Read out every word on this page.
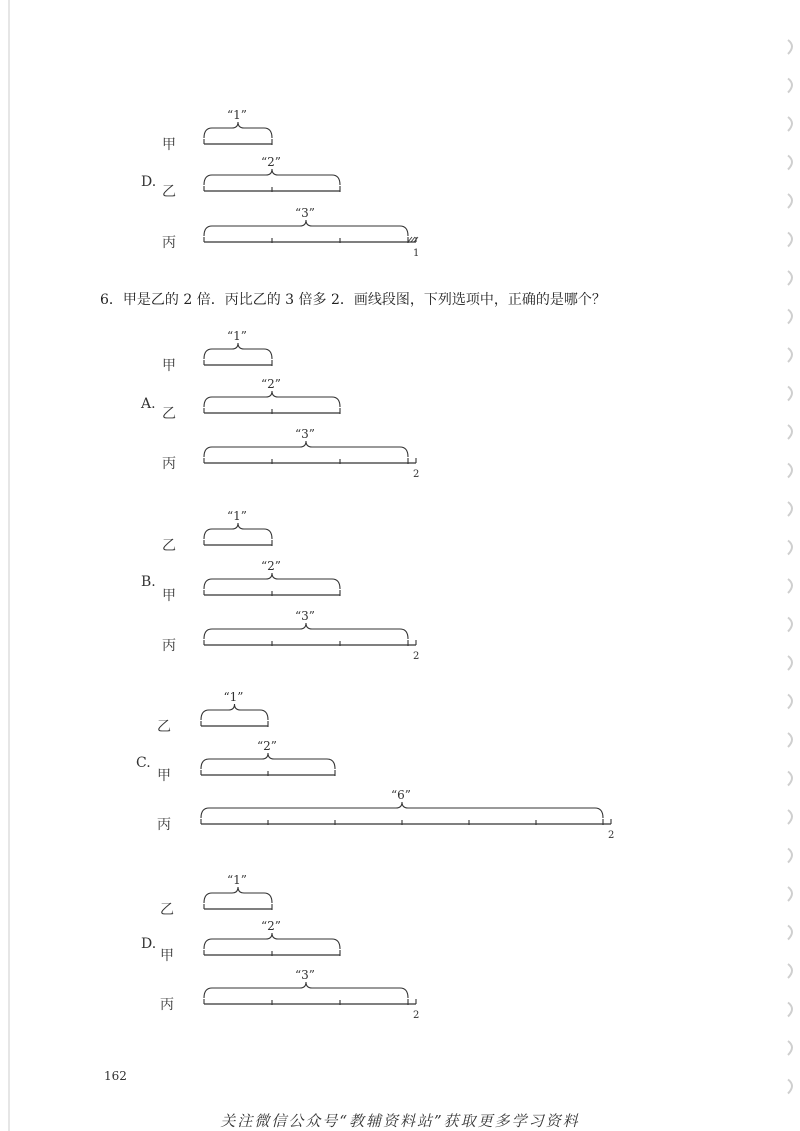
D.
甲
“1”
乙
“2”
丙
1
“3”
A.
甲
“1”
乙
“2”
丙
2
“3”
B.
乙
“1”
甲
“2”
丙
2
“3”
C.
乙
“1”
甲
“2”
丙
2
“6”
D.
乙
“1”
甲
“2”
丙
2
“3”
6．甲是乙的 2 倍．丙比乙的 3 倍多 2．画线段图，下列选项中，正确的是哪个？
162
关注微信公众号“教辅资料站”获取更多学习资料
